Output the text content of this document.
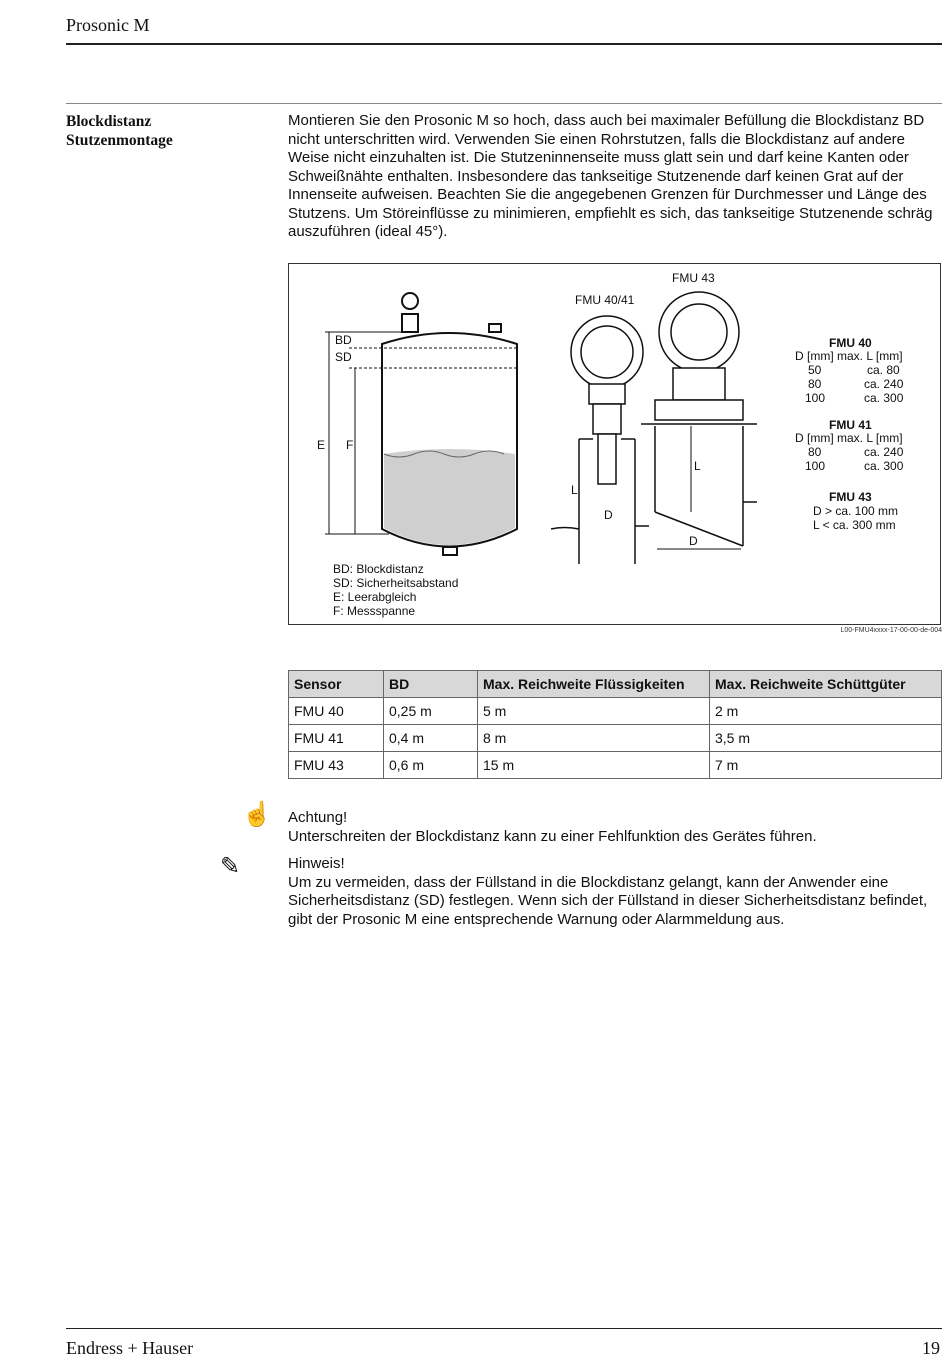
Prosonic M
Blockdistanz
Stutzenmontage
Montieren Sie den Prosonic M so hoch, dass auch bei maximaler Befüllung die Blockdistanz BD nicht unterschritten wird. Verwenden Sie einen Rohrstutzen, falls die Blockdistanz auf andere Weise nicht einzuhalten ist. Die Stutzeninnenseite muss glatt sein und darf keine Kanten oder Schweißnähte enthalten. Insbesondere das tankseitige Stutzenende darf keinen Grat auf der Innenseite aufweisen. Beachten Sie die angegebenen Grenzen für Durchmesser und Länge des Stutzens. Um Störeinflüsse zu minimieren, empfiehlt es sich, das tankseitige Stutzenende schräg auszuführen (ideal 45°).
BD
SD
E F
BD: Blockdistanz
SD: Sicherheitsabstand
E: Leerabgleich
F: Messspanne
FMU 40/41
L
D
FMU 43
L
D
FMU 40
D [mm] max. L [mm]
50	ca. 80
80	ca. 240
100	ca. 300
FMU 41
D [mm] max. L [mm]
80	ca. 240
100	ca. 300
FMU 43
D > ca. 100 mm
L < ca. 300 mm
L00-FMU4xxxx-17-00-00-de-004
Sensor	BD	Max. Reichweite Flüssigkeiten	Max. Reichweite Schüttgüter
FMU 40	0,25 m	5 m	2 m
FMU 41	0,4 m	8 m	3,5 m
FMU 43	0,6 m	15 m	7 m
☝ Achtung!
Unterschreiten der Blockdistanz kann zu einer Fehlfunktion des Gerätes führen.
✎	Hinweis!
Um zu vermeiden, dass der Füllstand in die Blockdistanz gelangt, kann der Anwender eine Sicherheitsdistanz (SD) festlegen. Wenn sich der Füllstand in dieser Sicherheitsdistanz befindet, gibt der Prosonic M eine entsprechende Warnung oder Alarmmeldung aus.
Endress + Hauser	19
